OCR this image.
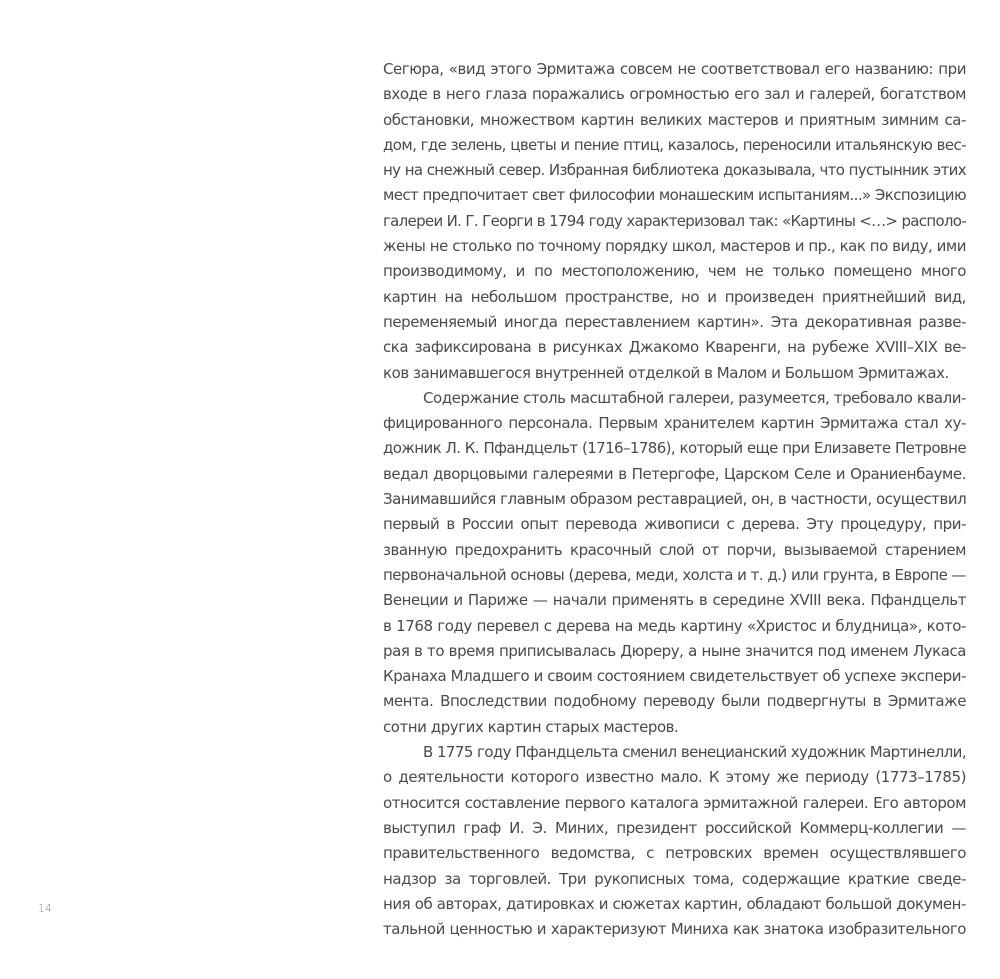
14
Сегюра, «вид этого Эрмитажа совсем не соответствовал его названию: при
входе в него глаза поражались огромностью его зал и галерей, богатством
обстановки, множеством картин великих мастеров и приятным зимним са-
дом, где зелень, цветы и пение птиц, казалось, переносили итальянскую вес-
ну на снежный север. Избранная библиотека доказывала, что пустынник этих
мест предпочитает свет философии монашеским испытаниям...» Экспозицию
галереи И. Г. Георги в 1794 году характеризовал так: «Картины <…> располо-
жены не столько по точному порядку школ, мастеров и пр., как по виду, ими
производимому, и по местоположению, чем не только помещено много
картин на небольшом пространстве, но и произведен приятнейший вид,
переменяемый иногда переставлением картин». Эта декоративная разве-
ска зафиксирована в рисунках Джакомо Кваренги, на рубеже XVIII–XIX ве-
ков занимавшегося внутренней отделкой в Малом и Большом Эрмитажах.
Содержание столь масштабной галереи, разумеется, требовало квали-
фицированного персонала. Первым хранителем картин Эрмитажа стал ху-
дожник Л. К. Пфандцельт (1716–1786), который еще при Елизавете Петровне
ведал дворцовыми галереями в Петергофе, Царском Селе и Ораниенбауме.
Занимавшийся главным образом реставрацией, он, в частности, осуществил
первый в России опыт перевода живописи с дерева. Эту процедуру, при-
званную предохранить красочный слой от порчи, вызываемой старением
первоначальной основы (дерева, меди, холста и т. д.) или грунта, в Европе —
Венеции и Париже — начали применять в середине XVIII века. Пфандцельт
в 1768 году перевел с дерева на медь картину «Христос и блудница», кото-
рая в то время приписывалась Дюреру, а ныне значится под именем Лукаса
Кранаха Младшего и своим состоянием свидетельствует об успехе экспери-
мента. Впоследствии подобному переводу были подвергнуты в Эрмитаже
сотни других картин старых мастеров.
В 1775 году Пфандцельта сменил венецианский художник Мартинелли,
о деятельности которого известно мало. К этому же периоду (1773–1785)
относится составление первого каталога эрмитажной галереи. Его автором
выступил граф И. Э. Миних, президент российской Коммерц-коллегии —
правительственного ведомства, с петровских времен осуществлявшего
надзор за торговлей. Три рукописных тома, содержащие краткие сведе-
ния об авторах, датировках и сюжетах картин, обладают большой докумен-
тальной ценностью и характеризуют Миниха как знатока изобразительного
